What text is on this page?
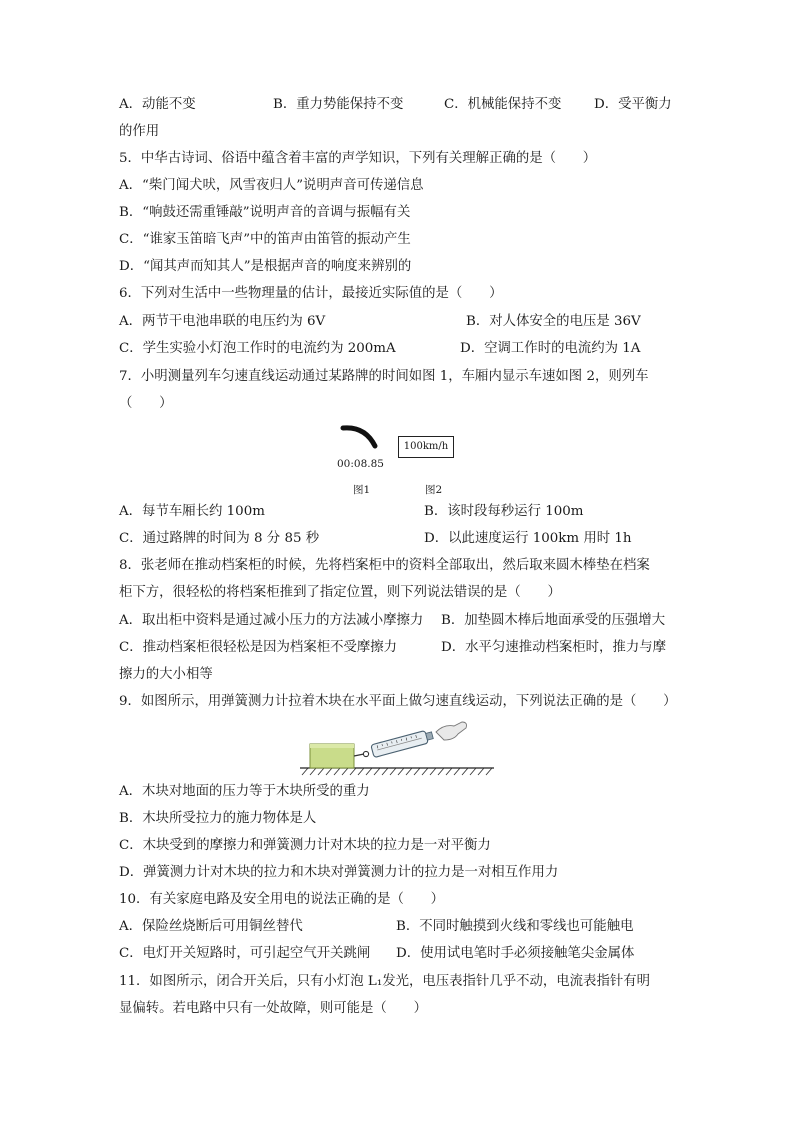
A．动能不变	B．重力势能保持不变	C．机械能保持不变 D．受平衡力
的作用
5．中华古诗词、俗语中蕴含着丰富的声学知识，下列有关理解正确的是（　　）
A．“柴门闻犬吠，风雪夜归人”说明声音可传递信息
B．“响鼓还需重锤敲”说明声音的音调与振幅有关
C．“谁家玉笛暗飞声”中的笛声由笛管的振动产生
D．“闻其声而知其人”是根据声音的响度来辨别的
6．下列对生活中一些物理量的估计，最接近实际值的是（　　）
A．两节干电池串联的电压约为 6V	B．对人体安全的电压是 36V
C．学生实验小灯泡工作时的电流约为 200mA	D．空调工作时的电流约为 1A
7．小明测量列车匀速直线运动通过某路牌的时间如图 1，车厢内显示车速如图 2，则列车
（　　）
00:08.85
100km/h
图1	图2
A．每节车厢长约 100m	B．该时段每秒运行 100m
C．通过路牌的时间为 8 分 85 秒	D．以此速度运行 100km 用时 1h
8．张老师在推动档案柜的时候，先将档案柜中的资料全部取出，然后取来圆木棒垫在档案
柜下方，很轻松的将档案柜推到了指定位置，则下列说法错误的是（　　）
A．取出柜中资料是通过减小压力的方法减小摩擦力 B．加垫圆木棒后地面承受的压强增大
C．推动档案柜很轻松是因为档案柜不受摩擦力	D．水平匀速推动档案柜时，推力与摩
擦力的大小相等
9．如图所示，用弹簧测力计拉着木块在水平面上做匀速直线运动，下列说法正确的是（　　）
A．木块对地面的压力等于木块所受的重力
B．木块所受拉力的施力物体是人
C．木块受到的摩擦力和弹簧测力计对木块的拉力是一对平衡力
D．弹簧测力计对木块的拉力和木块对弹簧测力计的拉力是一对相互作用力
10．有关家庭电路及安全用电的说法正确的是（　　）
A．保险丝烧断后可用铜丝替代	B．不同时触摸到火线和零线也可能触电
C．电灯开关短路时，可引起空气开关跳闸 D．使用试电笔时手必须接触笔尖金属体
11．如图所示，闭合开关后，只有小灯泡 L₁发光，电压表指针几乎不动，电流表指针有明
显偏转。若电路中只有一处故障，则可能是（　　）
